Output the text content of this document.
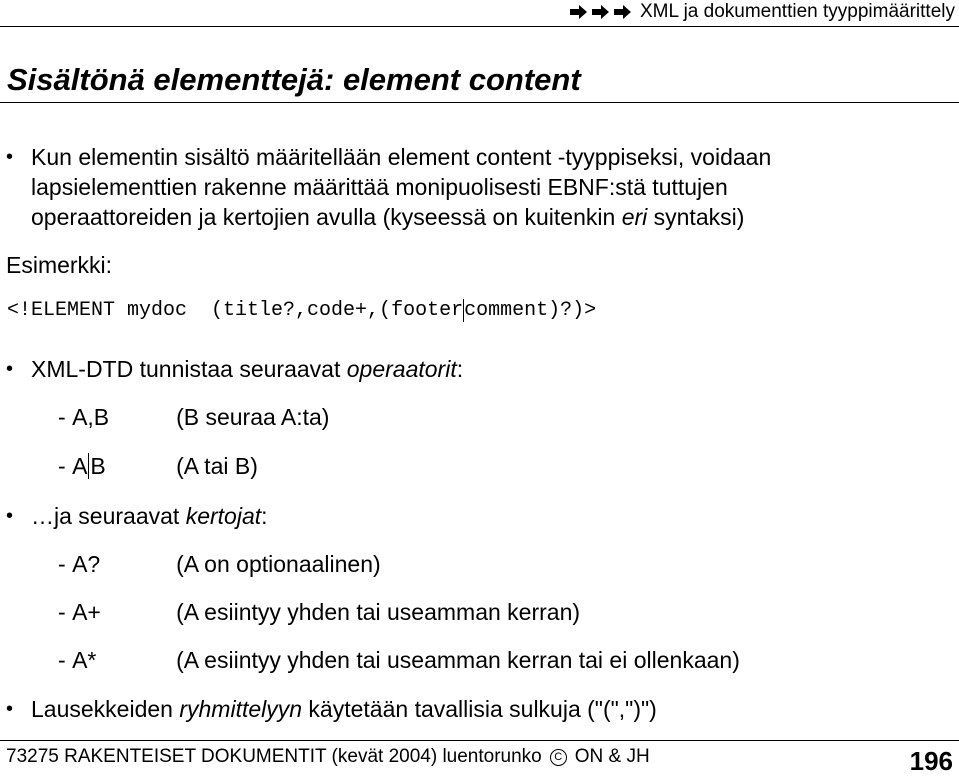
XML ja dokumenttien tyyppimäärittely
Sisältönä elementtejä: element content
• Kun elementin sisältö määritellään element content -tyyppiseksi, voidaan
lapsielementtien rakenne määrittää monipuolisesti EBNF:stä tuttujen
operaattoreiden ja kertojien avulla (kyseessä on kuitenkin eri syntaksi)
Esimerkki:
<!ELEMENT mydoc  (title?,code+,(footercomment)?)>
• XML-DTD tunnistaa seuraavat operaatorit:
- A,B	(B seuraa A:ta)
- A B	(A tai B)
• …ja seuraavat kertojat:
- A?	(A on optionaalinen)
- A+	(A esiintyy yhden tai useamman kerran)
- A*	(A esiintyy yhden tai useamman kerran tai ei ollenkaan)
• Lausekkeiden ryhmittelyyn käytetään tavallisia sulkuja ("(",")")
73275 RAKENTEISET DOKUMENTIT (kevät 2004) luentorunko	C ON & JH	196
